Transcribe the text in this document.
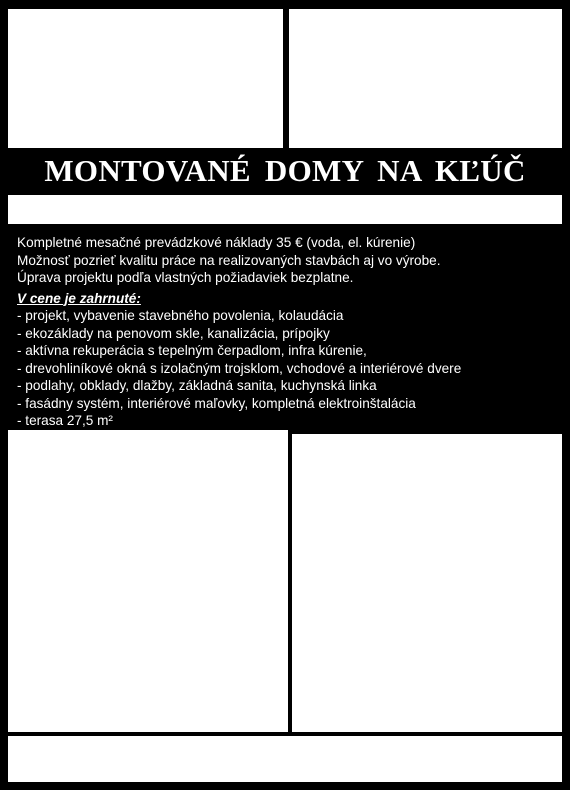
MONTOVANÉ DOMY NA KĽÚČ
Kompletné mesačné prevádzkové náklady 35 € (voda, el. kúrenie)
Možnosť pozrieť kvalitu práce na realizovaných stavbách aj vo výrobe.
Úprava projektu podľa vlastných požiadaviek bezplatne.
V cene je zahrnuté:
- projekt, vybavenie stavebného povolenia, kolaudácia
- ekozáklady na penovom skle, kanalizácia, prípojky
- aktívna rekuperácia s tepelným čerpadlom, infra kúrenie,
- drevohliníkové okná s izolačným trojsklom, vchodové a interiérové dvere
- podlahy, obklady, dlažby, základná sanita, kuchynská linka
- fasádny systém, interiérové maľovky, kompletná elektroinštalácia
- terasa 27,5 m²
